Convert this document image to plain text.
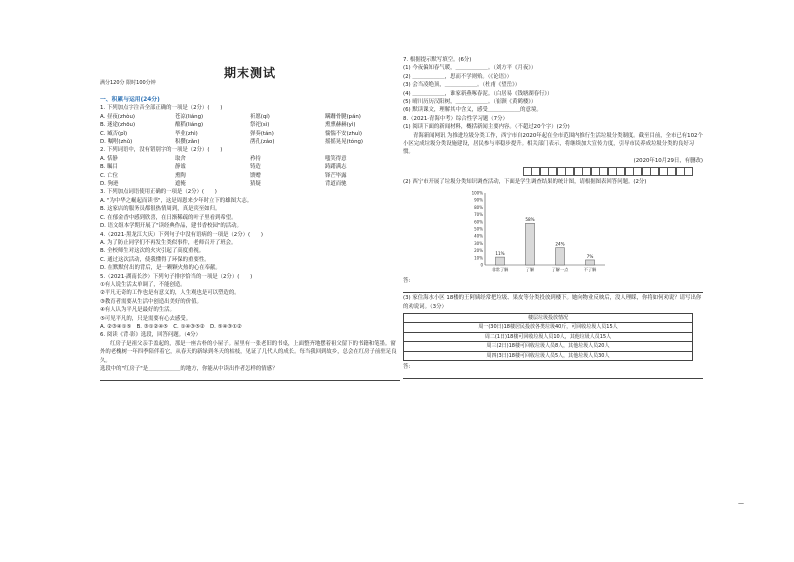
期末测试
满分120分 限时100分钟
一、积累与运用(24分)
1. 下列加点字注音全部正确的一项是（2分）(　　)
A. 昼夜(zhòu)	苍凉(liáng)	祈愿(qí)	蹒跚骨腱(pán)
B. 迷途(zhōu)	酿稻(liáng)	祭祀(sì)	熏熏赫赫(yì)
C. 臧否(pǐ)	毕业(zhì)	弹奏(tán)	惴惴不安(zhuì)
D. 嘱咐(zhǔ)	积攒(zǎn)	凿孔(záo)	摇摇晃晃(tóng)
2. 下列词语中，没有错别字的一项是（2分）(　　)
A. 恬静	取舍	矜持	嗤笑得意
B. 瞩目	静谧	铸造	踌躇满志
C. 亡位	熏陶	馈赠	锋芒毕露
D. 狗逊	遮掩	猜疑	背道而驰
3. 下列加点词语使用正确的一项是（2分）(　　)
A. "为中华之崛起而读书"，这是周恩来少年时立下的雄图大志。
B. 这家店的服务员都很热情周到，真是宾至如归。
C. 在郁金香中感到欣喜，在日渐稀疏的叶子里看到希望。
D. 语文组本学期开展了"读经典作品，建书香校园"的活动。
4.（2021·黑龙江大庆）下列句子中没有语病的一项是（2分）(　　)
A. 为了防止同学们不再发生类似事件，老师召开了班会。
B. 全校师生对这次的火灾引起了高度重视。
C. 通过这次活动，使我懂得了环保的重要性。
D. 在默默付出的背后，是一颗颗火热的心在奉献。
5.（2021·湖南长沙）下列句子排序恰当的一项是（2分）(　　)
①有人说生活太单调了，不能创造。
②平凡无奇的工作也是有意义的，人生观也是可以塑造的。
③教育者需要从生活中创造出美好的价值。
④有人认为平凡是最好的生活。
⑤可见平凡的，只是需要有心去感受。
A. ②③④①⑤　B. ③①②④⑤　C. ①④③⑤②　D. ⑤④③①②
6. 阅读《背·影》选段，回答问题。（4分）
红房子是祖父亲手盖起的，那是一座古朴的小屋子。屋里有一张老旧的书桌，上面整齐地摆着祖父留下的书籍和笔墨。窗外的老槐树一年四季陪伴着它，从春天的新绿到冬天的枯枝，见证了几代人的成长。每当我回到故乡，总会在红房子前驻足良久。
选段中的"红房子"是＿＿＿＿＿＿的地方，你能从中读出作者怎样的情感？
7. 根据提示默写填空。(6分)
(1) 今夜偏知春气暖，＿＿＿＿＿＿。（刘方平《月夜》）
(2) ＿＿＿＿＿＿，思而不学则殆。（《论语》）
(3) 会当凌绝顶，＿＿＿＿＿＿。（杜甫《望岳》）
(4) ＿＿＿＿＿＿，谁家新燕啄春泥。（白居易《钱塘湖春行》）
(5) 晴川历历汉阳树，＿＿＿＿＿＿。（崔颢《黄鹤楼》）
(6) 默读课文，理解其中含义，感受＿＿＿＿＿＿的意境。
8.（2021·青海中考）综合性学习题（7分）
(1) 阅读下面的新闻材料，概括新闻主要内容。（不超过20个字）(2分)
青海新闻网讯 为推进垃圾分类工作，西宁市自2020年起在全市范围内推行生活垃圾分类制度。截至目前，全市已有102个小区完成垃圾分类设施建设，居民参与率稳步提升。相关部门表示，将继续加大宣传力度，引导市民养成垃圾分类的良好习惯。
(2020年10月29日，有删改)
(2) 西宁市开展了垃圾分类知识调查活动，下面是学生调查结果的统计图，请根据图表回答问题。(2分)
100%
90%
80%
70%
60%
50%
40%
30%
20%
10%
0
11%
非常了解
58%
了解
24%
了解一点
7%
不了解
答:
(3) 家住海水小区 18楼的王阿姨经常把垃圾、果皮等分类投放到楼下。她向物业反映后，没人理睬，你将如何劝说？请写出你的劝说词。（3分）
楼层垃圾投放情况
周一(30日)18楼居民投放各类垃圾40斤，可回收垃圾人员15人
周二(1日)18楼可回收垃圾人员10人，其他垃圾人员15人
周三(2日)18楼可回收垃圾人员8人，其他垃圾人员20人
周四(3日)18楼可回收垃圾人员5人，其他垃圾人员30人
答:
—
